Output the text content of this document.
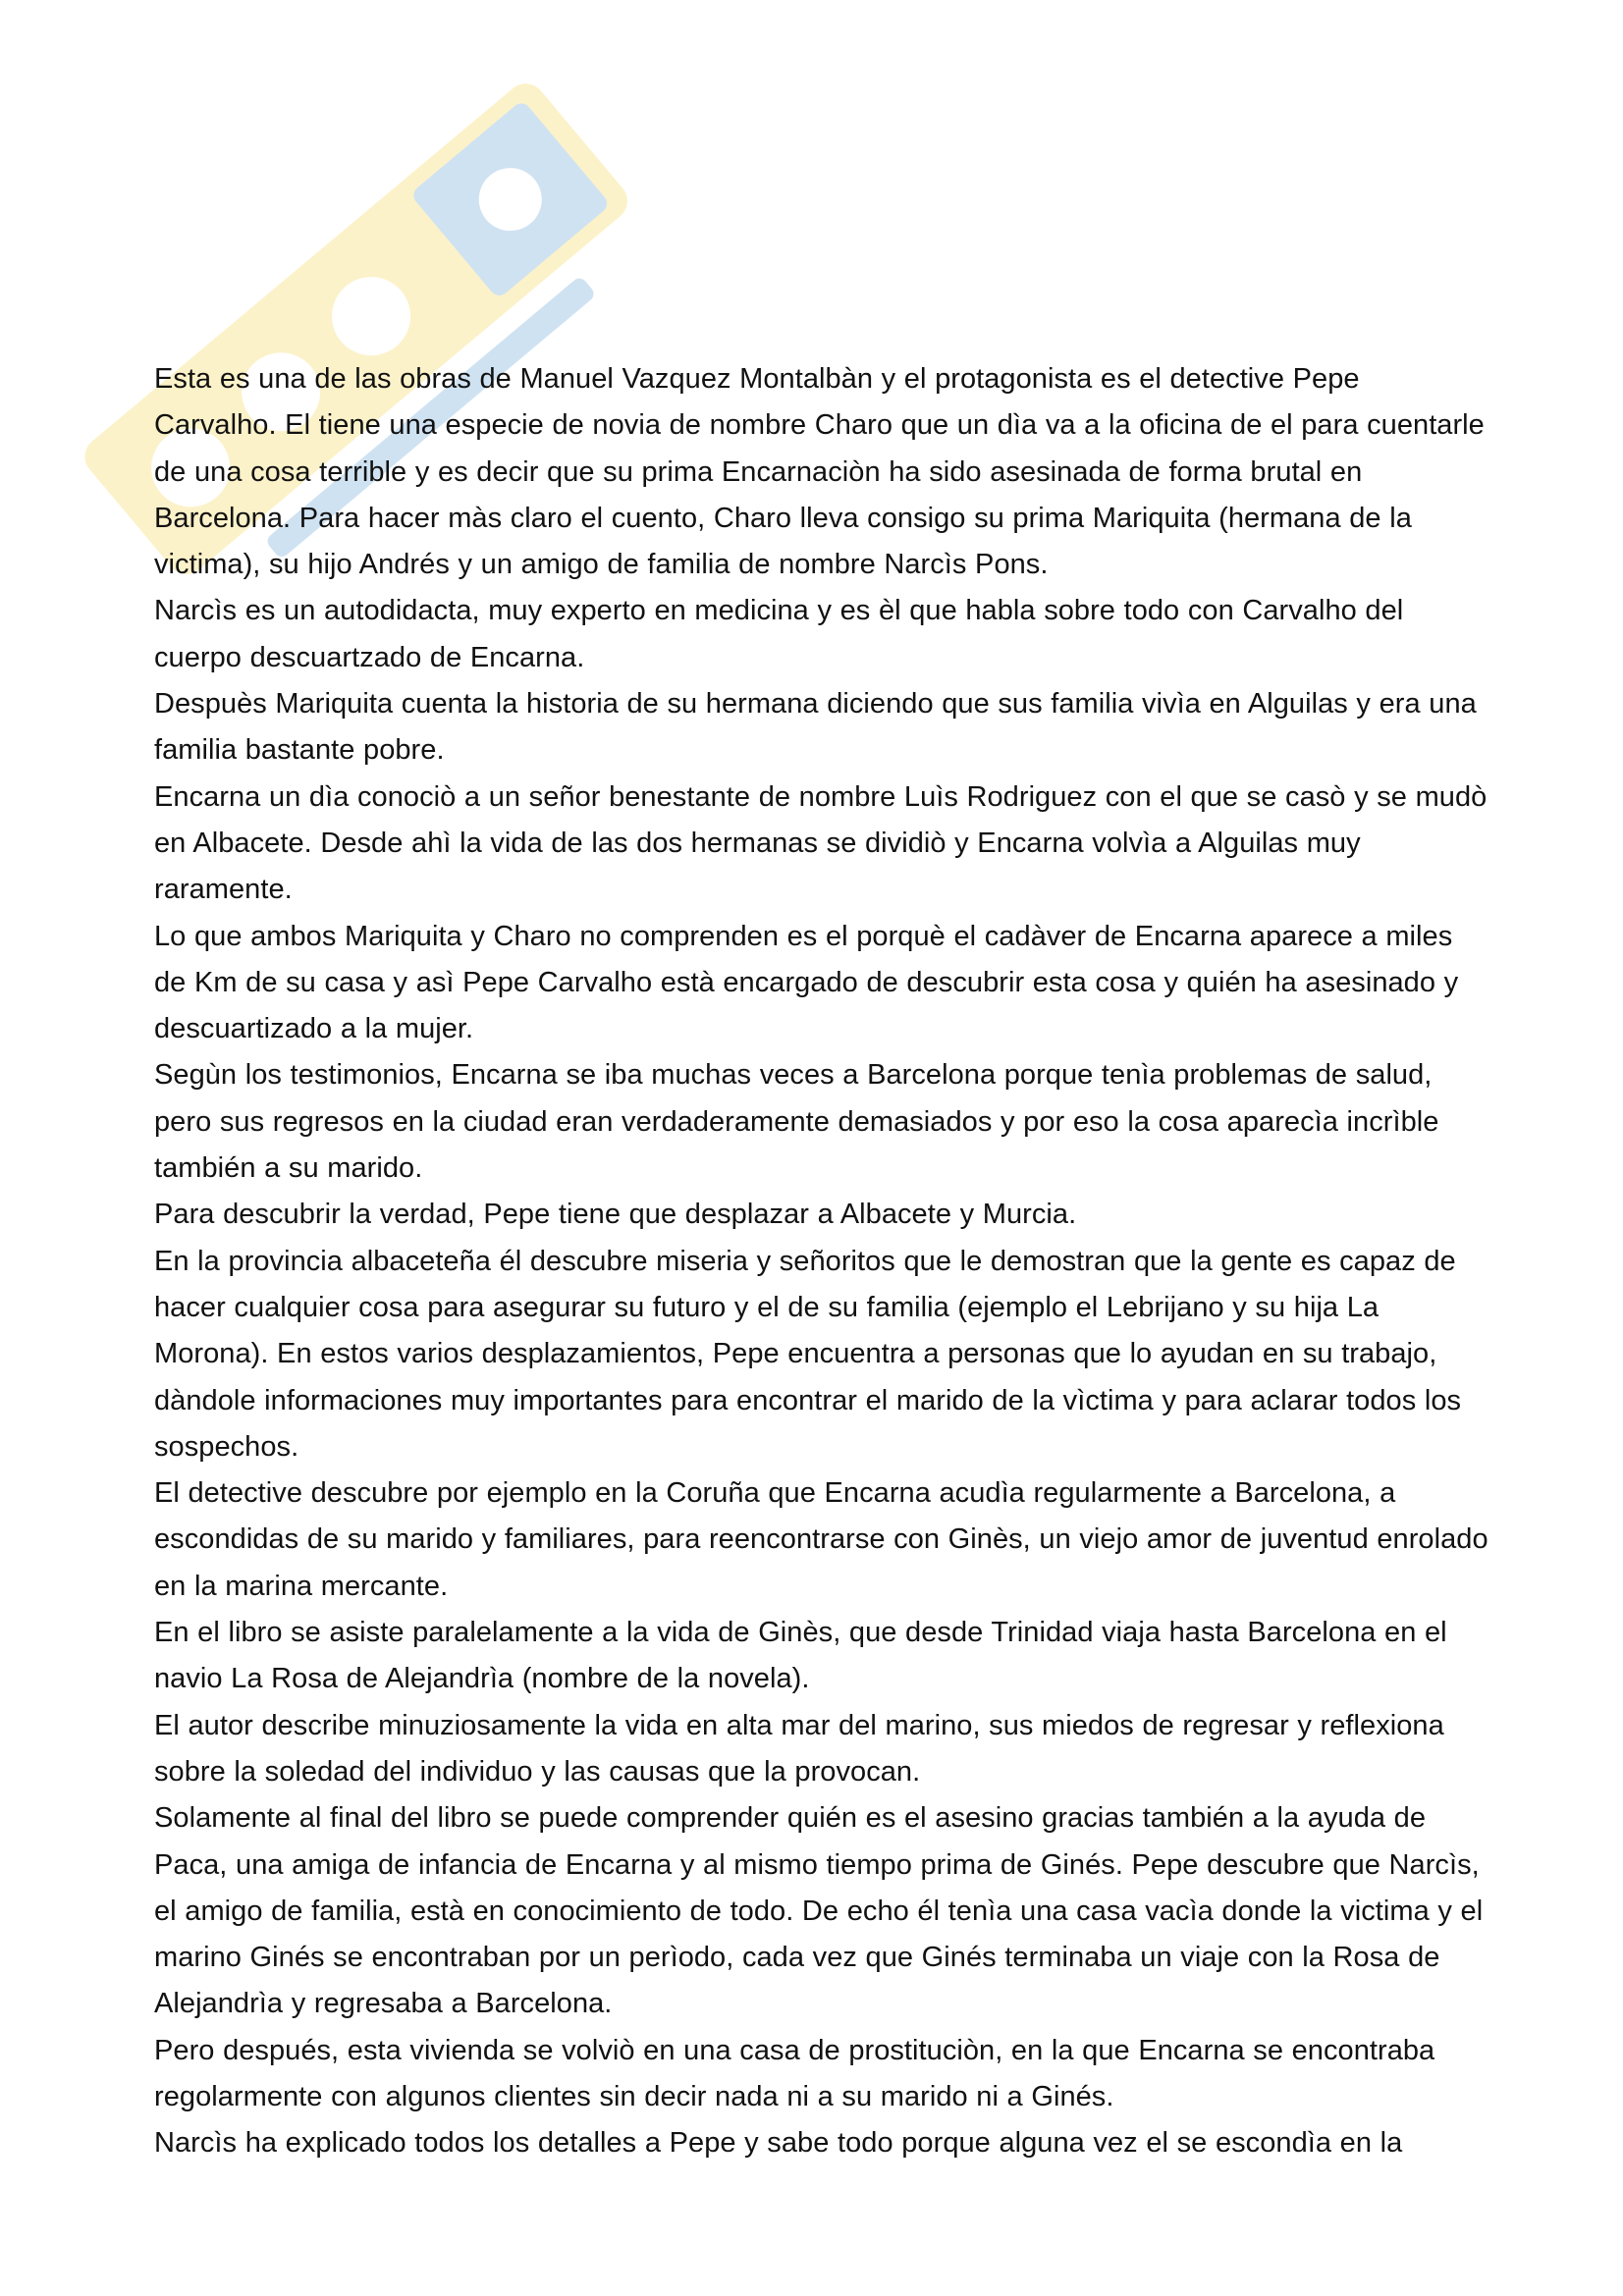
Esta es una de las obras de Manuel Vazquez Montalbàn y el protagonista es el detective Pepe Carvalho. El tiene una especie de novia de nombre Charo que un dìa va a la oficina de el para cuentarle de una cosa terrible y es decir que su prima Encarnaciòn ha sido asesinada de forma brutal en Barcelona. Para hacer màs claro el cuento, Charo lleva consigo su prima Mariquita (hermana de la victima), su hijo Andrés y un amigo de familia de nombre Narcìs Pons.

Narcìs es un autodidacta, muy experto en medicina y es èl que habla sobre todo con Carvalho del cuerpo descuartzado de Encarna.

Despuès Mariquita cuenta la historia de su hermana diciendo que sus familia vivìa en Alguilas y era una familia bastante pobre.

Encarna un dìa conociò a un señor benestante de nombre Luìs Rodriguez con el que se casò y se mudò en Albacete. Desde ahì la vida de las dos hermanas se dividiò y Encarna volvìa a Alguilas muy raramente.

Lo que ambos Mariquita y Charo no comprenden es el porquè el cadàver de Encarna aparece a miles de Km de su casa y asì Pepe Carvalho està encargado de descubrir esta cosa y quién ha asesinado y descuartizado a la mujer.

Segùn los testimonios, Encarna se iba muchas veces a Barcelona porque tenìa problemas de salud, pero sus regresos en la ciudad eran verdaderamente demasiados y por eso la cosa aparecìa incrìble también a su marido.

Para descubrir la verdad, Pepe tiene que desplazar a Albacete y Murcia.

En la provincia albaceteña él descubre miseria y señoritos que le demostran que la gente es capaz de hacer cualquier cosa para asegurar su futuro y el de su familia (ejemplo el Lebrijano y su hija La Morona). En estos varios desplazamientos, Pepe encuentra a personas que lo ayudan en su trabajo, dàndole informaciones muy importantes para encontrar el marido de la vìctima y para aclarar todos los sospechos.

El detective descubre por ejemplo en la Coruña que Encarna acudìa regularmente a Barcelona, a escondidas de su marido y familiares, para reencontrarse con Ginès, un viejo amor de juventud enrolado en la marina mercante.

En el libro se asiste paralelamente a la vida de Ginès, que desde Trinidad viaja hasta Barcelona en el navio La Rosa de Alejandrìa (nombre de la novela).

El autor describe minuziosamente la vida en alta mar del marino, sus miedos de regresar y reflexiona sobre la soledad del individuo y las causas que la provocan.

Solamente al final del libro se puede comprender quién es el asesino gracias también a la ayuda de Paca, una amiga de infancia de Encarna y al mismo tiempo prima de Ginés. Pepe descubre que Narcìs, el amigo de familia, està en conocimiento de todo. De echo él tenìa una casa vacìa donde la victima y el marino Ginés se encontraban por un perìodo, cada vez que Ginés terminaba un viaje con la Rosa de Alejandrìa y regresaba a Barcelona.

Pero después, esta vivienda se volviò en una casa de prostituciòn, en la que Encarna se encontraba regolarmente con algunos clientes sin decir nada ni a su marido ni a Ginés.

Narcìs ha explicado todos los detalles a Pepe y sabe todo porque alguna vez el se escondìa en la
